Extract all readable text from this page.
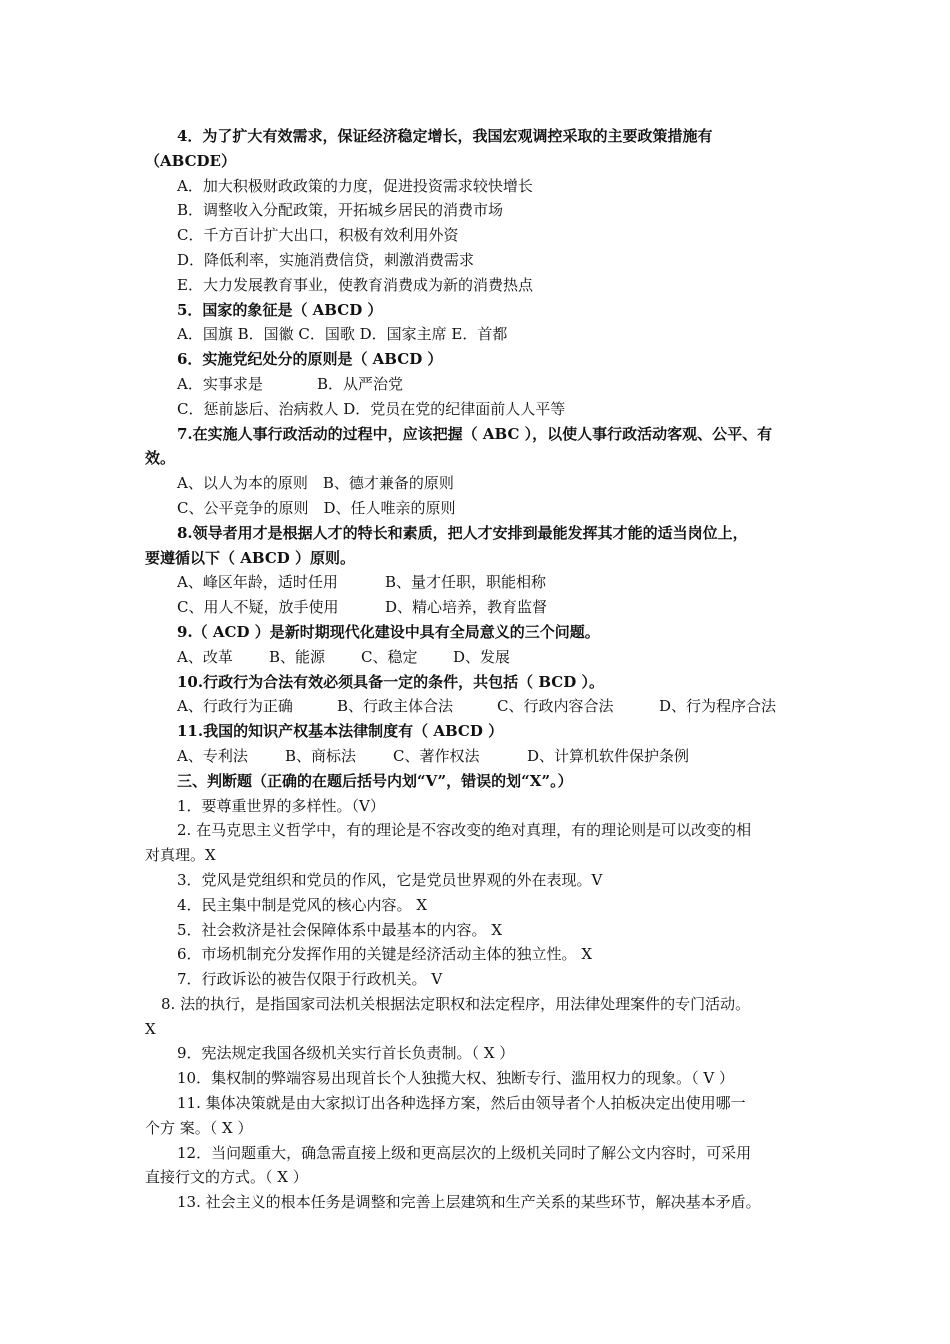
4．为了扩大有效需求，保证经济稳定增长，我国宏观调控采取的主要政策措施有
（ABCDE）
A．加大积极财政政策的力度，促进投资需求较快增长
B．调整收入分配政策，开拓城乡居民的消费市场
C．千方百计扩大出口，积极有效利用外资
D．降低利率，实施消费信贷，刺激消费需求
E．大力发展教育事业，使教育消费成为新的消费热点
5．国家的象征是（ ABCD ）
A．国旗 B．国徽 C．国歌 D．国家主席 E．首都
6．实施党纪处分的原则是（ ABCD ）
A．实事求是	B．从严治党
C．惩前毖后、治病救人 D．党员在党的纪律面前人人平等
7.在实施人事行政活动的过程中，应该把握（ ABC ），以使人事行政活动客观、公平、有
效。
A、以人为本的原则　B、德才兼备的原则
C、公平竞争的原则　D、任人唯亲的原则
8.领导者用才是根据人才的特长和素质，把人才安排到最能发挥其才能的适当岗位上，
要遵循以下（ ABCD ）原则。
A、峰区年龄，适时任用	B、量才任职，职能相称
C、用人不疑，放手使用	D、精心培养，教育监督
9.（ ACD ）是新时期现代化建设中具有全局意义的三个问题。
A、改革 B、能源 C、稳定 D、发展
10.行政行为合法有效必须具备一定的条件，共包括（ BCD ）。
A、行政行为正确	B、行政主体合法	C、行政内容合法	D、行为程序合法
11.我国的知识产权基本法律制度有（ ABCD ）
A、专利法 B、商标法 C、著作权法	D、计算机软件保护条例
三、判断题（正确的在题后括号内划“V”，错误的划“X”。）
1．要尊重世界的多样性。（V）
2. 在马克思主义哲学中，有的理论是不容改变的绝对真理，有的理论则是可以改变的相
对真理。X
3．党风是党组织和党员的作风，它是党员世界观的外在表现。V
4．民主集中制是党风的核心内容。 X
5．社会救济是社会保障体系中最基本的内容。 X
6．市场机制充分发挥作用的关键是经济活动主体的独立性。 X
7．行政诉讼的被告仅限于行政机关。 V
8. 法的执行，是指国家司法机关根据法定职权和法定程序，用法律处理案件的专门活动。
X
9．宪法规定我国各级机关实行首长负责制。（ X ）
10．集权制的弊端容易出现首长个人独揽大权、独断专行、滥用权力的现象。（ V ）
11. 集体决策就是由大家拟订出各种选择方案，然后由领导者个人拍板决定出使用哪一
个方 案。（ X ）
12．当问题重大，确急需直接上级和更高层次的上级机关同时了解公文内容时，可采用
直接行文的方式。（ X ）
13. 社会主义的根本任务是调整和完善上层建筑和生产关系的某些环节，解决基本矛盾。
